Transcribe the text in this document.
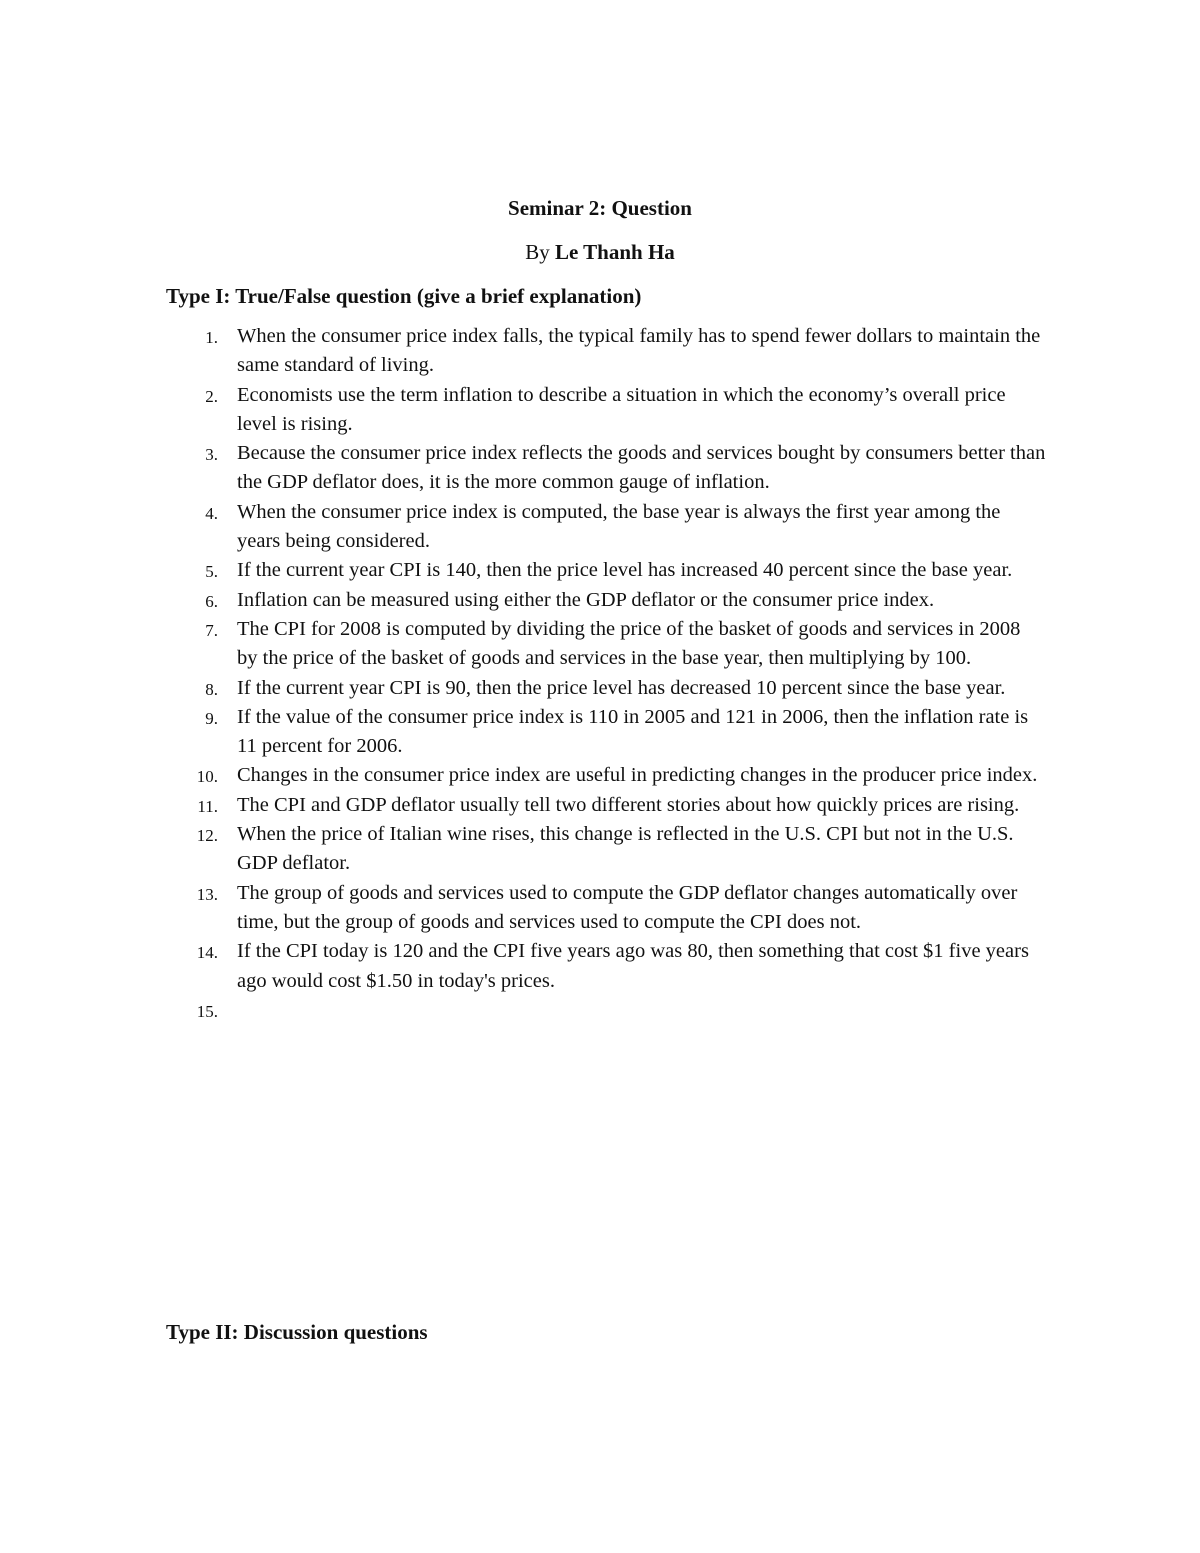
Seminar 2: Question
By Le Thanh Ha
Type I: True/False question (give a brief explanation)
1. When the consumer price index falls, the typical family has to spend fewer dollars to maintain the same standard of living.
2. Economists use the term inflation to describe a situation in which the economy’s overall price level is rising.
3. Because the consumer price index reflects the goods and services bought by consumers better than the GDP deflator does, it is the more common gauge of inflation.
4. When the consumer price index is computed, the base year is always the first year among the years being considered.
5. If the current year CPI is 140, then the price level has increased 40 percent since the base year.
6. Inflation can be measured using either the GDP deflator or the consumer price index.
7. The CPI for 2008 is computed by dividing the price of the basket of goods and services in 2008 by the price of the basket of goods and services in the base year, then multiplying by 100.
8. If the current year CPI is 90, then the price level has decreased 10 percent since the base year.
9. If the value of the consumer price index is 110 in 2005 and 121 in 2006, then the inflation rate is 11 percent for 2006.
10. Changes in the consumer price index are useful in predicting changes in the producer price index.
11. The CPI and GDP deflator usually tell two different stories about how quickly prices are rising.
12. When the price of Italian wine rises, this change is reflected in the U.S. CPI but not in the U.S. GDP deflator.
13. The group of goods and services used to compute the GDP deflator changes automatically over time, but the group of goods and services used to compute the CPI does not.
14. If the CPI today is 120 and the CPI five years ago was 80, then something that cost $1 five years ago would cost $1.50 in today's prices.
15.
Type II: Discussion questions
